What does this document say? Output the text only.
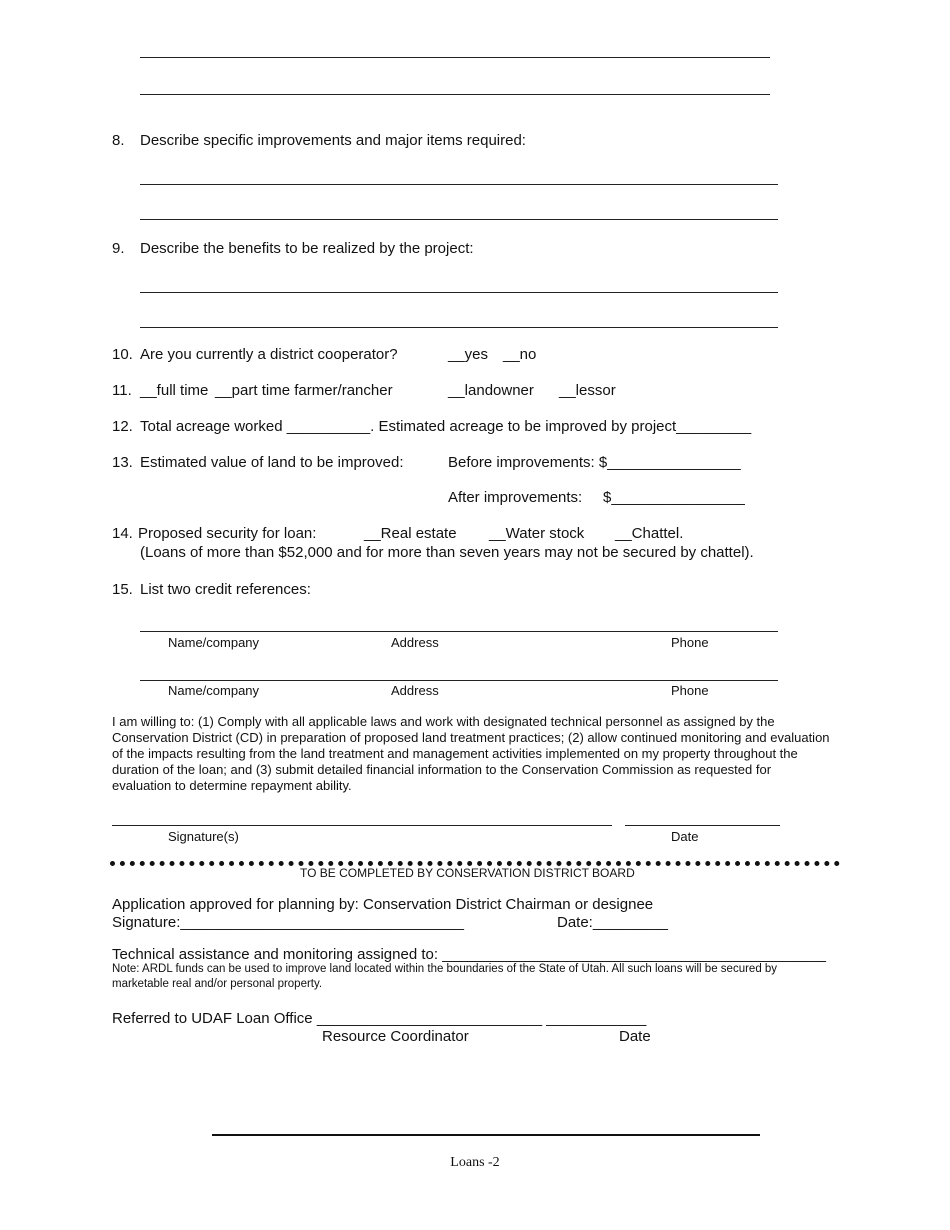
8. Describe specific improvements and major items required:
9. Describe the benefits to be realized by the project:
10. Are you currently a district cooperator?	__yes __no
11. __full time __part time farmer/rancher	__landowner __lessor
12. Total acreage worked __________. Estimated acreage to be improved by project_________
13. Estimated value of land to be improved:	Before improvements: $________________
After improvements: $________________
14. Proposed security for loan:	__Real estate __Water stock __Chattel.
(Loans of more than $52,000 and for more than seven years may not be secured by chattel).
15. List two credit references:
Name/company	Address	Phone
Name/company	Address	Phone
I am willing to: (1) Comply with all applicable laws and work with designated technical personnel as assigned by the Conservation District (CD) in preparation of proposed land treatment practices; (2) allow continued monitoring and evaluation of the impacts resulting from the land treatment and management activities implemented on my property throughout the duration of the loan; and (3) submit detailed financial information to the Conservation Commission as requested for evaluation to determine repayment ability.
Signature(s)	Date
TO BE COMPLETED BY CONSERVATION DISTRICT BOARD
Application approved for planning by: Conservation District Chairman or designee
Signature:__________________________________	Date:_________
Technical assistance and monitoring assigned to: ______________________________________________
Note: ARDL funds can be used to improve land located within the boundaries of the State of Utah. All such loans will be secured by marketable real and/or personal property.
Referred to UDAF Loan Office ___________________________ ____________
Resource Coordinator	Date
Loans -2
